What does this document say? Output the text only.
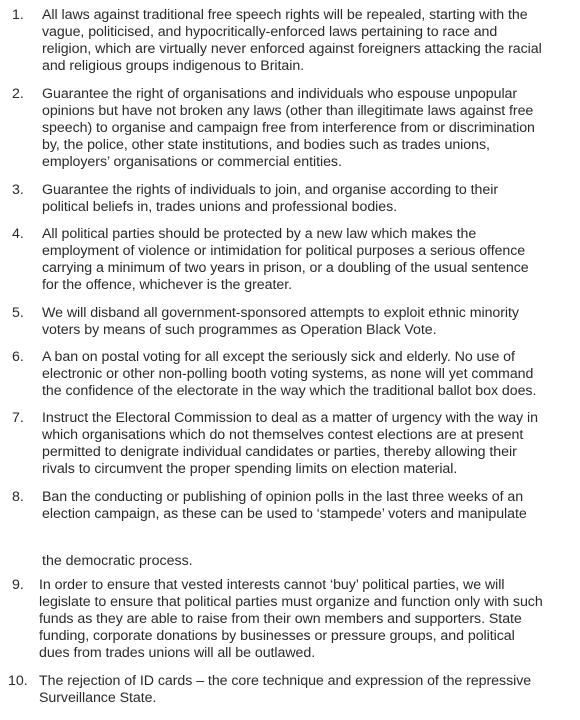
1.	All laws against traditional free speech rights will be repealed, starting with the
vague, politicised, and hypocritically-enforced laws pertaining to race and
religion, which are virtually never enforced against foreigners attacking the racial
and religious groups indigenous to Britain.
2.	Guarantee the right of organisations and individuals who espouse unpopular
opinions but have not broken any laws (other than illegitimate laws against free
speech) to organise and campaign free from interference from or discrimination
by, the police, other state institutions, and bodies such as trades unions,
employers’ organisations or commercial entities.
3.	Guarantee the rights of individuals to join, and organise according to their
political beliefs in, trades unions and professional bodies.
4.	All political parties should be protected by a new law which makes the
employment of violence or intimidation for political purposes a serious offence
carrying a minimum of two years in prison, or a doubling of the usual sentence
for the offence, whichever is the greater.
5.	We will disband all government-sponsored attempts to exploit ethnic minority
voters by means of such programmes as Operation Black Vote.
6.	A ban on postal voting for all except the seriously sick and elderly. No use of
electronic or other non-polling booth voting systems, as none will yet command
the confidence of the electorate in the way which the traditional ballot box does.
7.	Instruct the Electoral Commission to deal as a matter of urgency with the way in
which organisations which do not themselves contest elections are at present
permitted to denigrate individual candidates or parties, thereby allowing their
rivals to circumvent the proper spending limits on election material.
8.	Ban the conducting or publishing of opinion polls in the last three weeks of an
election campaign, as these can be used to ‘stampede’ voters and manipulate
the democratic process.
9.	In order to ensure that vested interests cannot ‘buy’ political parties, we will
legislate to ensure that political parties must organize and function only with such
funds as they are able to raise from their own members and supporters. State
funding, corporate donations by businesses or pressure groups, and political
dues from trades unions will all be outlawed.
10. The rejection of ID cards – the core technique and expression of the repressive
Surveillance State.
